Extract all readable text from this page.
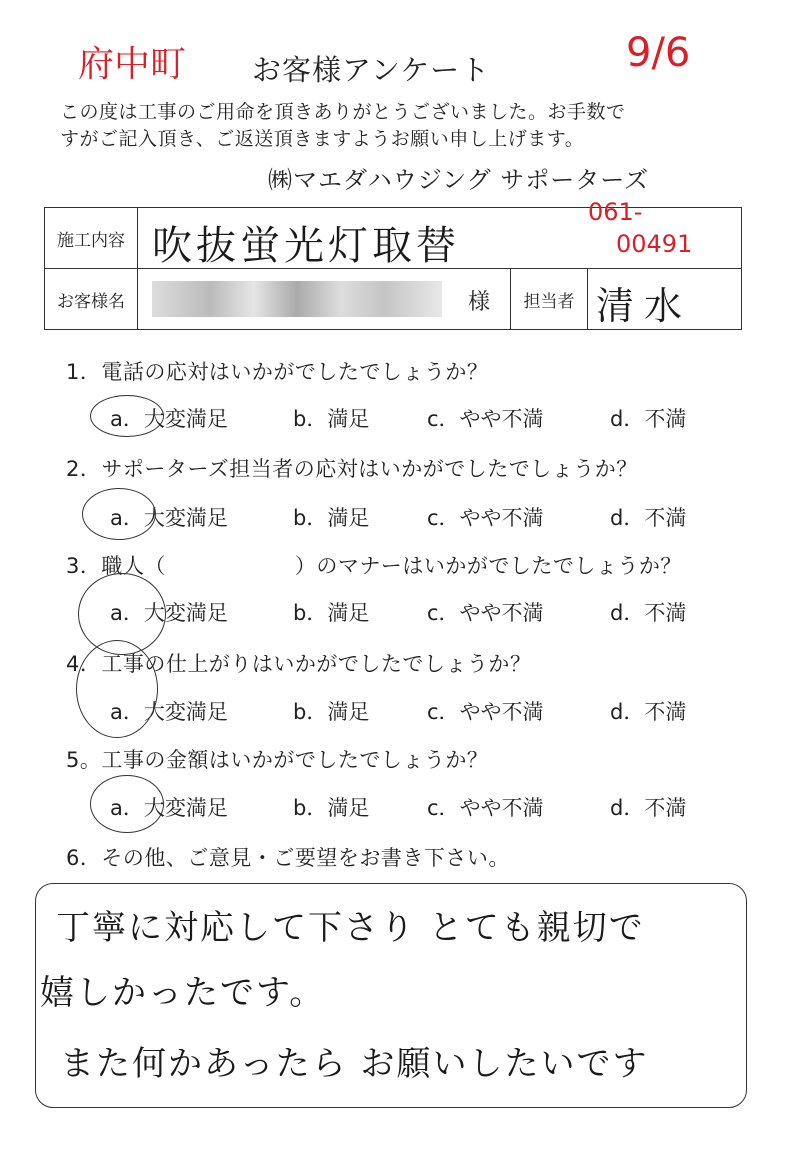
府中町	9/6
お客様アンケート
この度は工事のご用命を頂きありがとうございました。お手数で
すがご記入頂き、ご返送頂きますようお願い申し上げます。
㈱マエダハウジング サポーターズ
施工内容	吹抜蛍光灯取替
061-
00491		

お客様名	様	担当者	清水
1．電話の応対はいかがでしたでしょうか？
a．大変満足	b．満足	c．やや不満	d．不満
2．サポーターズ担当者の応対はいかがでしたでしょうか？
a．大変満足	b．満足	c．やや不満	d．不満
3．職人（　　　　　　）のマナーはいかがでしたでしょうか？
a．大変満足	b．満足	c．やや不満	d．不満
4．工事の仕上がりはいかがでしたでしょうか？
a．大変満足	b．満足	c．やや不満	d．不満
5。工事の金額はいかがでしたでしょうか？
a．大変満足	b．満足	c．やや不満	d．不満
6．その他、ご意見・ご要望をお書き下さい。
丁寧に対応して下さり とても親切で
嬉しかったです。
また何かあったら お願いしたいです
